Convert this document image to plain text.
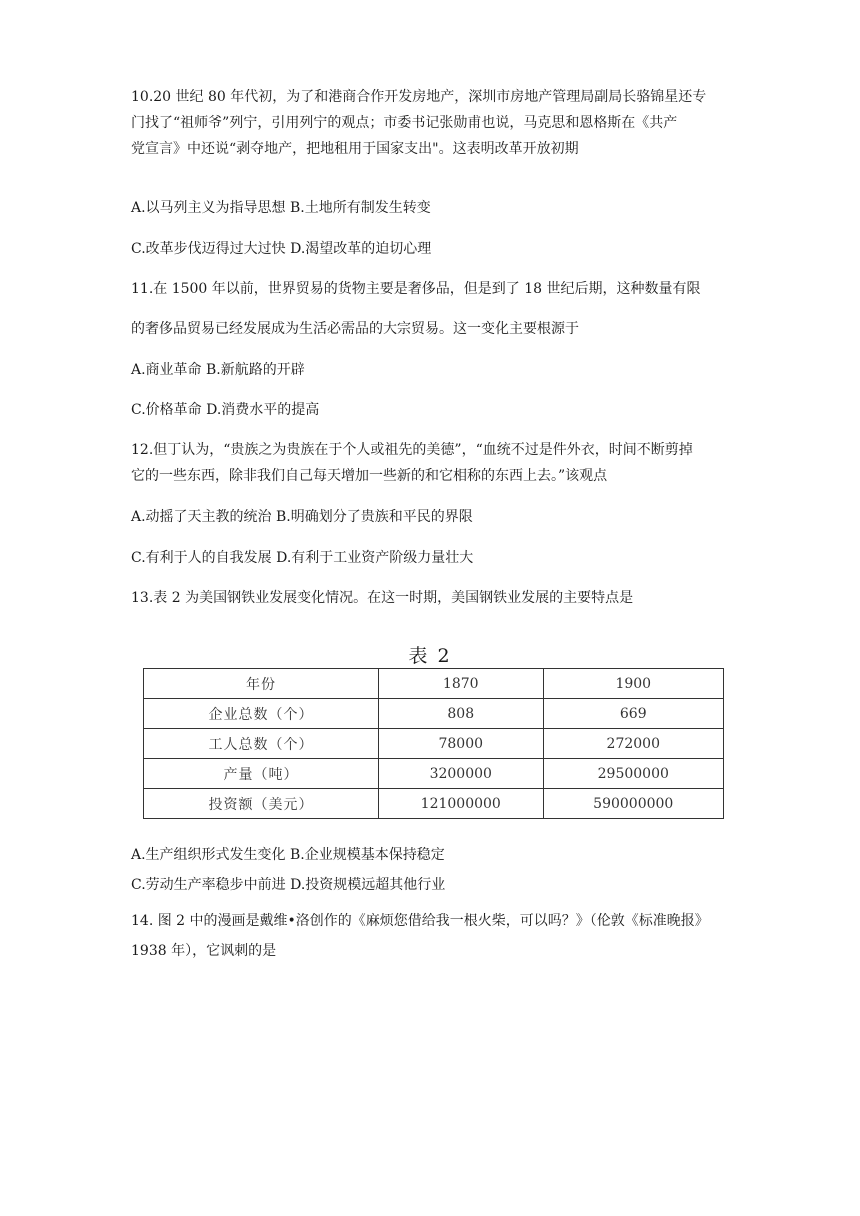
10.20 世纪 80 年代初，为了和港商合作开发房地产，深圳市房地产管理局副局长骆锦星还专
门找了“祖师爷”列宁，引用列宁的观点；市委书记张勋甫也说，马克思和恩格斯在《共产
党宣言》中还说“剥夺地产，把地租用于国家支出"。这表明改革开放初期
A.以马列主义为指导思想 B.土地所有制发生转变
C.改革步伐迈得过大过快 D.渴望改革的迫切心理
11.在 1500 年以前，世界贸易的货物主要是奢侈品，但是到了 18 世纪后期，这种数量有限
的奢侈品贸易已经发展成为生活必需品的大宗贸易。这一变化主要根源于
A.商业革命 B.新航路的开辟
C.价格革命 D.消费水平的提高
12.但丁认为，“贵族之为贵族在于个人或祖先的美德”，“血统不过是件外衣，时间不断剪掉
它的一些东西，除非我们自己每天增加一些新的和它相称的东西上去。”该观点
A.动摇了天主教的统治 B.明确划分了贵族和平民的界限
C.有利于人的自我发展 D.有利于工业资产阶级力量壮大
13.表 2 为美国钢铁业发展变化情况。在这一时期，美国钢铁业发展的主要特点是
表 2
年份	1870	1900
企业总数（个）	808	669
工人总数（个）	78000	272000
产量（吨）	3200000	29500000
投资额（美元）	121000000	590000000
A.生产组织形式发生变化 B.企业规模基本保持稳定
C.劳动生产率稳步中前进 D.投资规模远超其他行业
14. 图 2 中的漫画是戴维•洛创作的《麻烦您借给我一根火柴，可以吗？》（伦敦《标准晚报》
1938 年），它讽刺的是
